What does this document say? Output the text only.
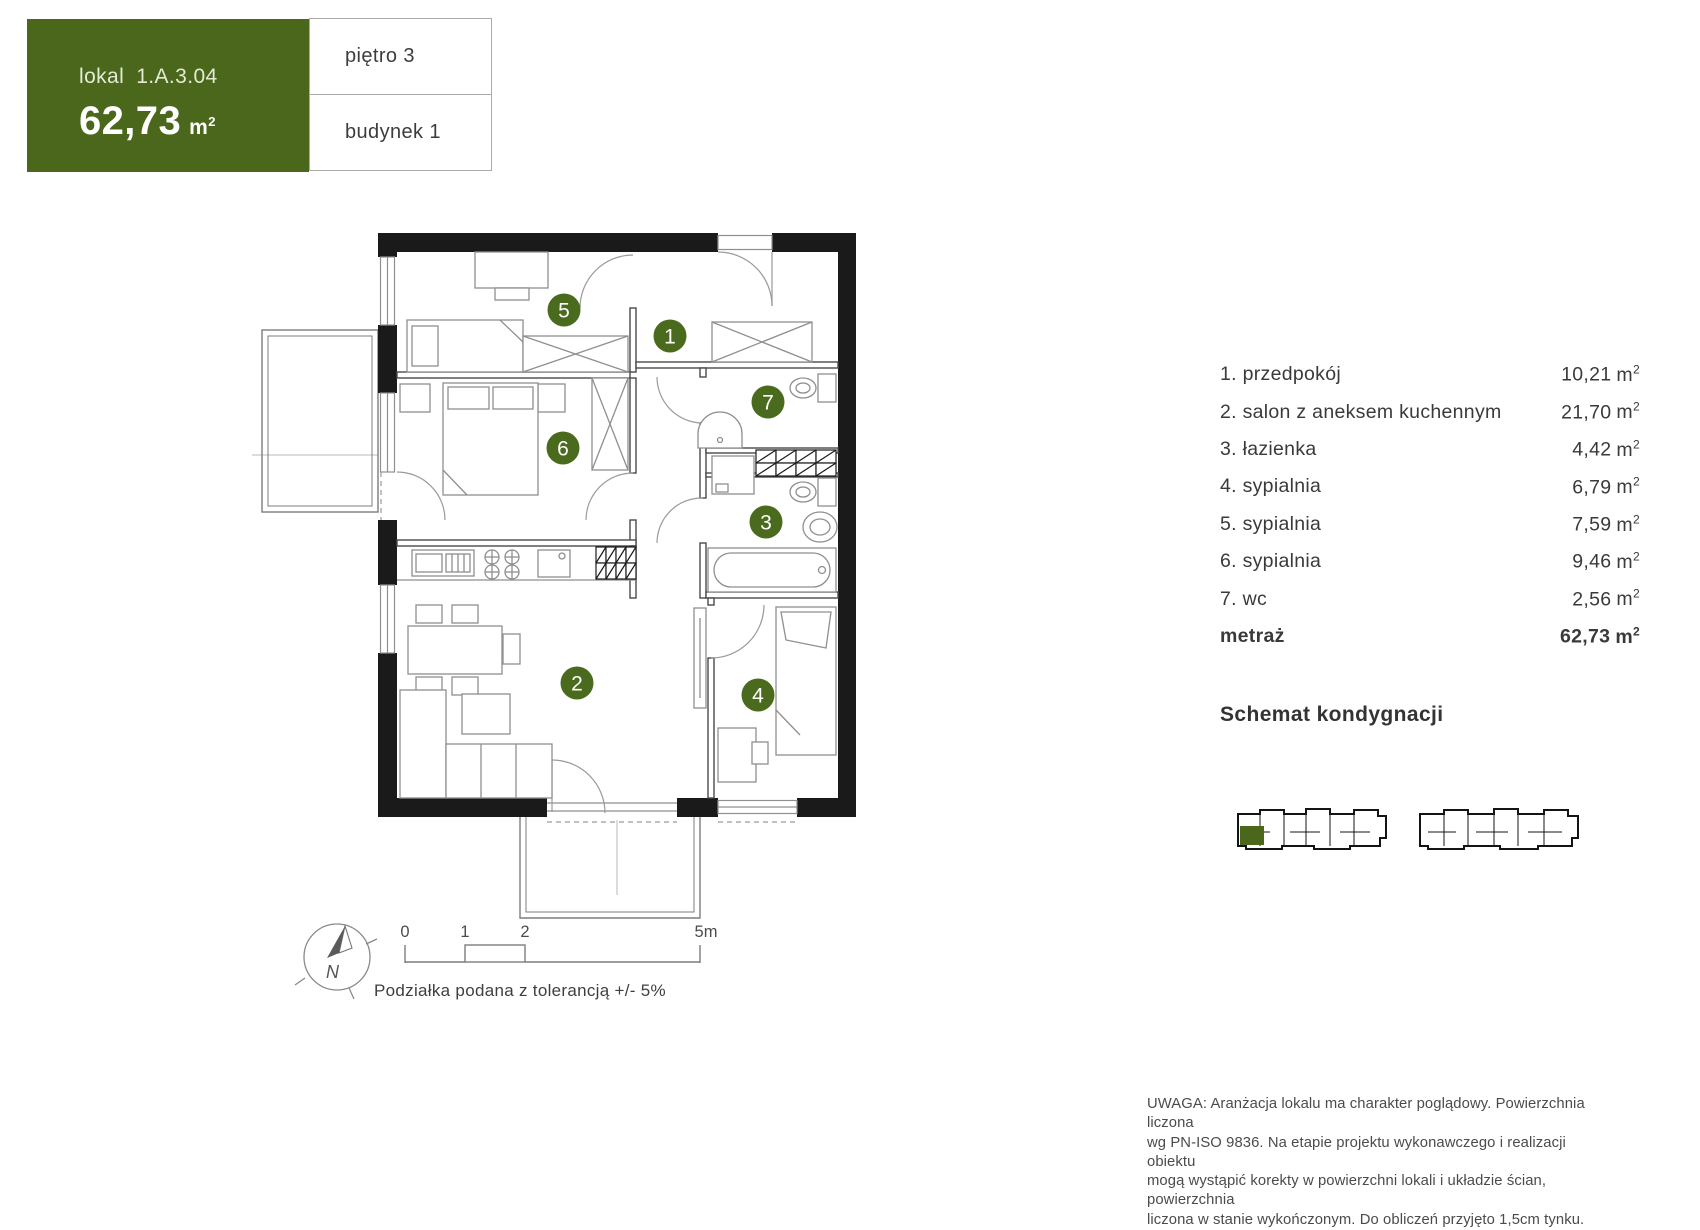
lokal 1.A.3.04
62,73 $m^2$
piętro 3
budynek 1
1
2
3
4
5
6
7
N
0	1	2	5m
Podziałka podana z tolerancją +/- 5%
1. przedpokój	10,21 $m^2$
2. salon z aneksem kuchennym	21,70 $m^2$
3. łazienka	4,42 $m^2$
4. sypialnia	6,79 $m^2$
5. sypialnia	7,59 $m^2$
6. sypialnia	9,46 $m^2$
7. wc	2,56 $m^2$
metraż	62,73 $m^2$
Schemat kondygnacji
UWAGA: Aranżacja lokalu ma charakter poglądowy. Powierzchnia liczona
wg PN-ISO 9836. Na etapie projektu wykonawczego i realizacji obiektu
mogą wystąpić korekty w powierzchni lokali i układzie ścian, powierzchnia
liczona w stanie wykończonym. Do obliczeń przyjęto 1,5cm tynku.
